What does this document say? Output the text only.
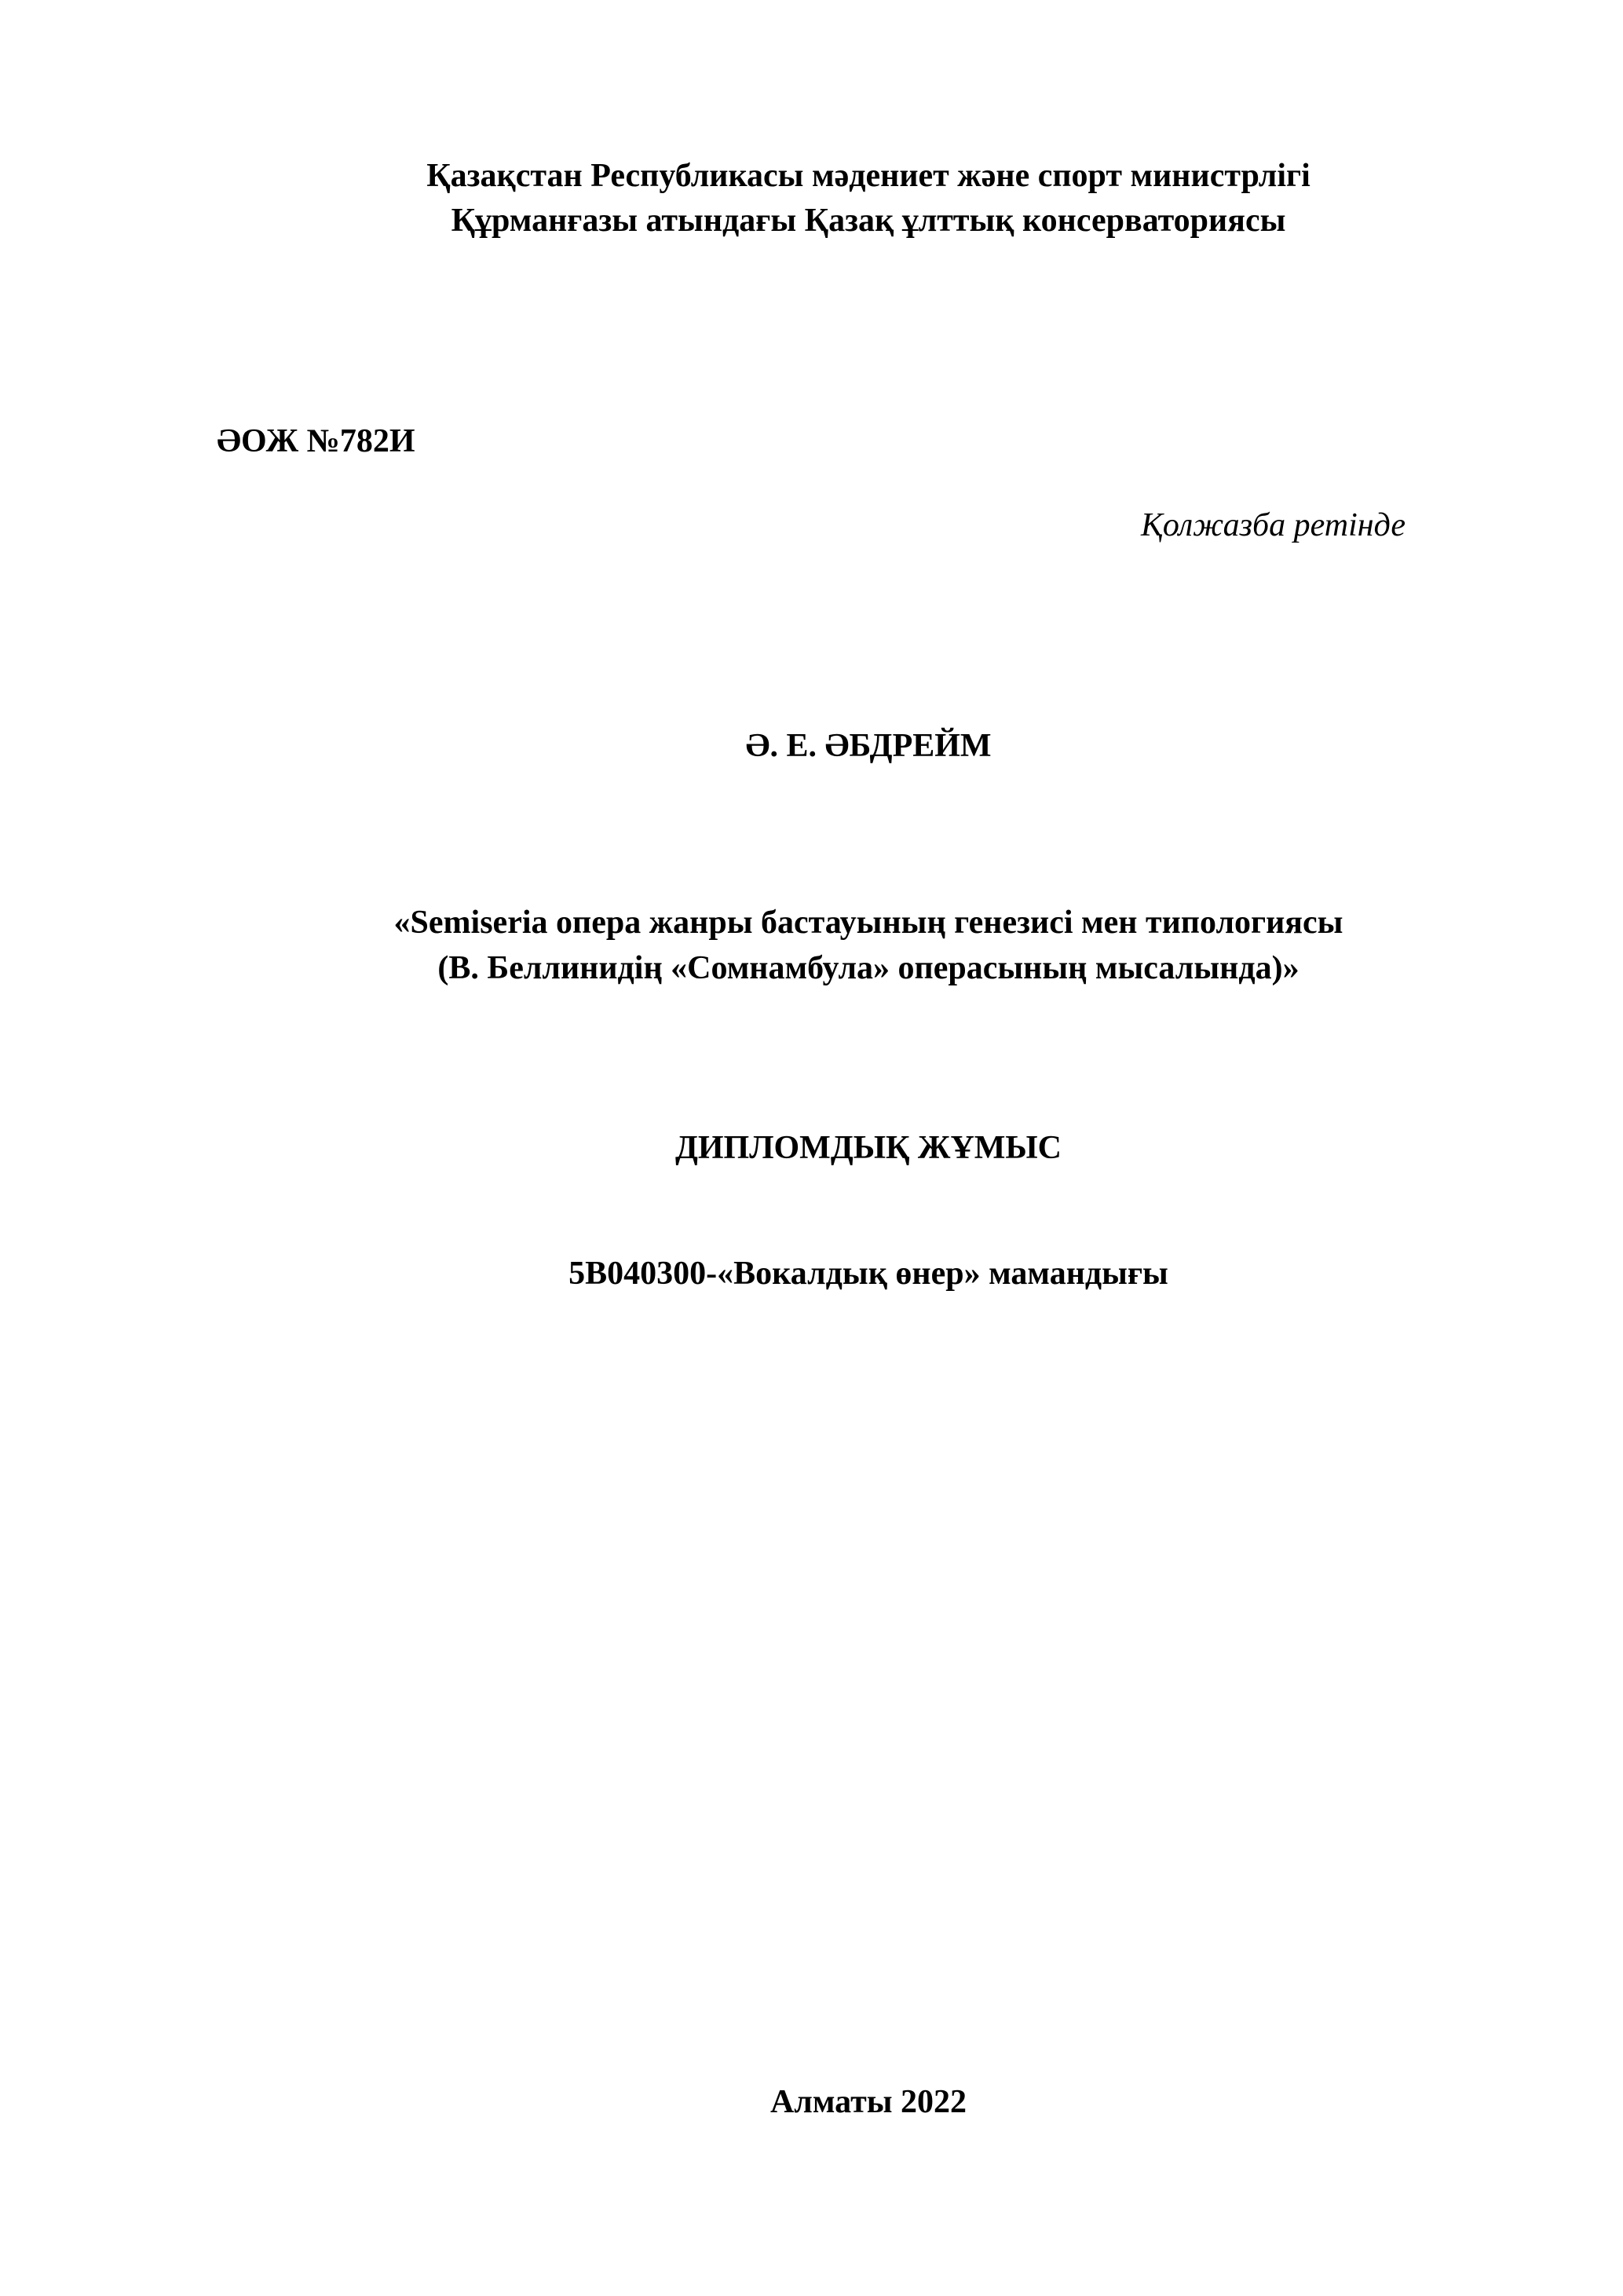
Қазақстан Республикасы мәдениет және спорт министрлігі
Құрманғазы атындағы Қазақ ұлттық консерваториясы
ӘОЖ №782И
Қолжазба ретінде
Ә. Е. ӘБДРЕЙМ
«Semiseria опера жанры бастауының генезисі мен типологиясы
(В. Беллинидің «Сомнамбула» операсының мысалында)»
ДИПЛОМДЫҚ ЖҰМЫС
5В040300-«Вокалдық өнер» мамандығы
Алматы 2022
